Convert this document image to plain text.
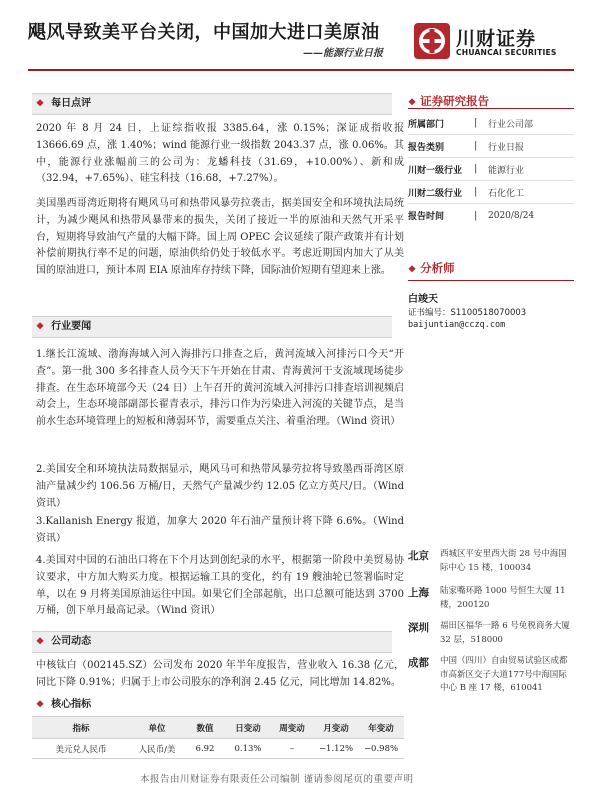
飓风导致美平台关闭，中国加大进口美原油
——能源行业日报
川财证券
CHUANCAI SECURITIES
❖ 每日点评
2020 年 8 月 24 日，上证综指收报 3385.64，涨 0.15%；深证成指收报 13666.69 点，涨 1.40%；wind 能源行业一级指数 2043.37 点，涨 0.06%。其中，能源行业涨幅前三的公司为：龙蟠科技（31.69，+10.00%）、新和成（32.94，+7.65%）、硅宝科技（16.68，+7.27%）。
美国墨西哥湾近期将有飓风马可和热带风暴劳拉袭击，据美国安全和环境执法局统计，为减少飓风和热带风暴带来的损失，关闭了接近一半的原油和天然气开采平台，短期将导致油气产量的大幅下降。国上周 OPEC 会议延续了限产政策并有计划补偿前期执行率不足的问题，原油供给仍处于较低水平。考虑近期国内加大了从美国的原油进口，预计本周 EIA 原油库存持续下降，国际油价短期有望迎来上涨。
❖ 行业要闻
1.继长江流域、渤海海域入河入海排污口排查之后，黄河流域入河排污口今天“开查”。第一批 300 多名排查人员今天下午开始在甘肃、青海黄河干支流域现场徒步排查。在生态环境部今天（24 日）上午召开的黄河流域入河排污口排查培训视频启动会上，生态环境部副部长翟青表示，排污口作为污染进入河流的关键节点，是当前水生态环境管理上的短板和薄弱环节，需要重点关注、着重治理。（Wind 资讯）
2.美国安全和环境执法局数据显示，飓风马可和热带风暴劳拉将导致墨西哥湾区原油产量减少约 106.56 万桶/日，天然气产量减少约 12.05 亿立方英尺/日。（Wind 资讯）
3.Kallanish Energy 报道，加拿大 2020 年石油产量预计将下降 6.6%。（Wind 资讯）
4.美国对中国的石油出口将在下个月达到创纪录的水平，根据第一阶段中美贸易协议要求，中方加大购买力度。根据运输工具的变化，约有 19 艘油轮已签署临时定单，以在 9 月将美国原油运往中国。如果它们全部起航，出口总额可能达到 3700 万桶，创下单月最高记录。（Wind 资讯）
❖ 公司动态
中核钛白（002145.SZ）公司发布 2020 年半年度报告，营业收入 16.38 亿元，同比下降 0.91%；归属于上市公司股东的净利润 2.45 亿元，同比增加 14.82%。
❖ 核心指标
指标	单位	数值	日变动	周变动	月变动	年变动
美元兑人民币	人民币/美	6.92	0.13%	–	−1.12%	−0.98%
❖ 证券研究报告
所属部门	|	行业公司部
报告类别	|	行业日报
川财一级行业	|	能源行业
川财二级行业	|	石化化工
报告时间	|	2020/8/24
❖ 分析师
白竣天
证书编号：S1100518070003
baijuntian@cczq.com
北京 西城区平安里西大街 28 号中海国际中心 15 楼，100034
上海 陆家嘴环路 1000 号恒生大厦 11 楼，200120
深圳 福田区福华一路 6 号免税商务大厦 32 层，518000
成都 中国（四川）自由贸易试验区成都市高新区交子大道177号中海国际中心 B 座 17 楼，610041
本报告由川财证券有限责任公司编制 谨请参阅尾页的重要声明
